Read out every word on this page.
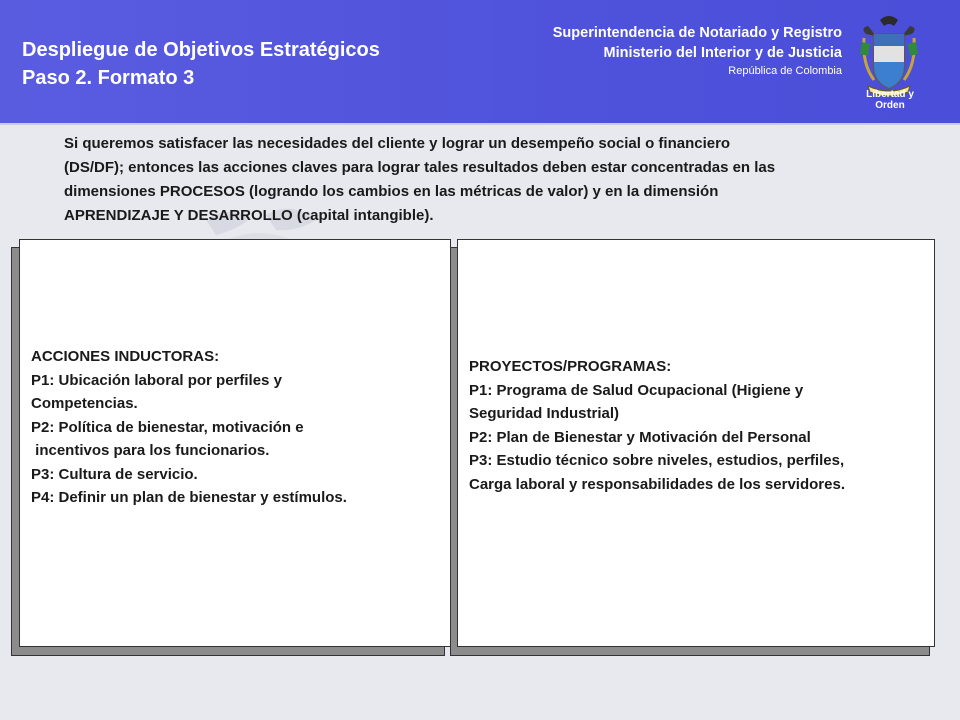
Despliegue de Objetivos Estratégicos
Paso 2. Formato 3
Superintendencia de Notariado y Registro
Ministerio del Interior y de Justicia
República de Colombia
Libertad y Orden

Si queremos satisfacer las necesidades del cliente y lograr un desempeño social o financiero
(DS/DF); entonces las acciones claves para lograr tales resultados deben estar concentradas en las
dimensiones PROCESOS (logrando los cambios en las métricas de valor) y en la dimensión
APRENDIZAJE Y DESARROLLO (capital intangible).

ACCIONES INDUCTORAS:
P1: Ubicación laboral por perfiles y
Competencias.
P2: Política de bienestar, motivación e
incentivos para los funcionarios.
P3: Cultura de servicio.
P4: Definir un plan de bienestar y estímulos.
PROYECTOS/PROGRAMAS:
P1: Programa de Salud Ocupacional (Higiene y
Seguridad Industrial)
P2: Plan de Bienestar y Motivación del Personal
P3: Estudio técnico sobre niveles, estudios, perfiles,
Carga laboral y responsabilidades de los servidores.
